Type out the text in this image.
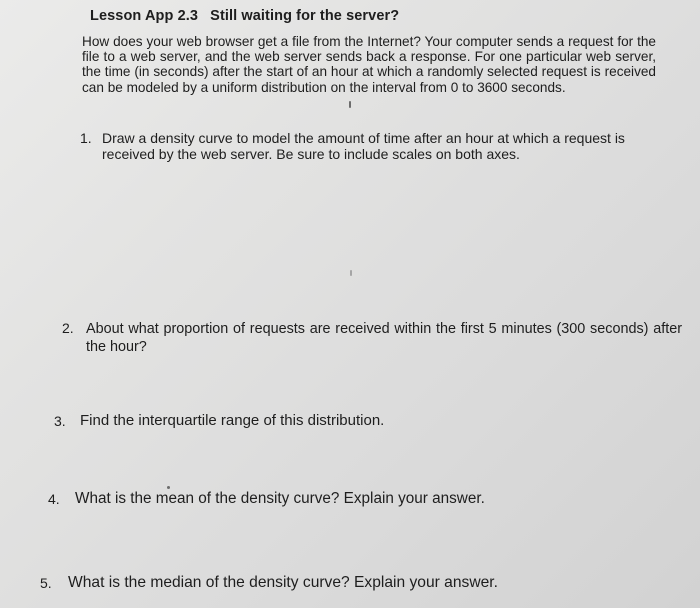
Lesson App 2.3 Still waiting for the server?
How does your web browser get a file from the Internet? Your computer sends a request for the file to a web server, and the web server sends back a response. For one particular web server, the time (in seconds) after the start of an hour at which a randomly selected request is received can be modeled by a uniform distribution on the interval from 0 to 3600 seconds.
1. Draw a density curve to model the amount of time after an hour at which a request is received by the web server. Be sure to include scales on both axes.
2. About what proportion of requests are received within the first 5 minutes (300 seconds) after the hour?
3. Find the interquartile range of this distribution.
4. What is the mean of the density curve? Explain your answer.
5. What is the median of the density curve? Explain your answer.
